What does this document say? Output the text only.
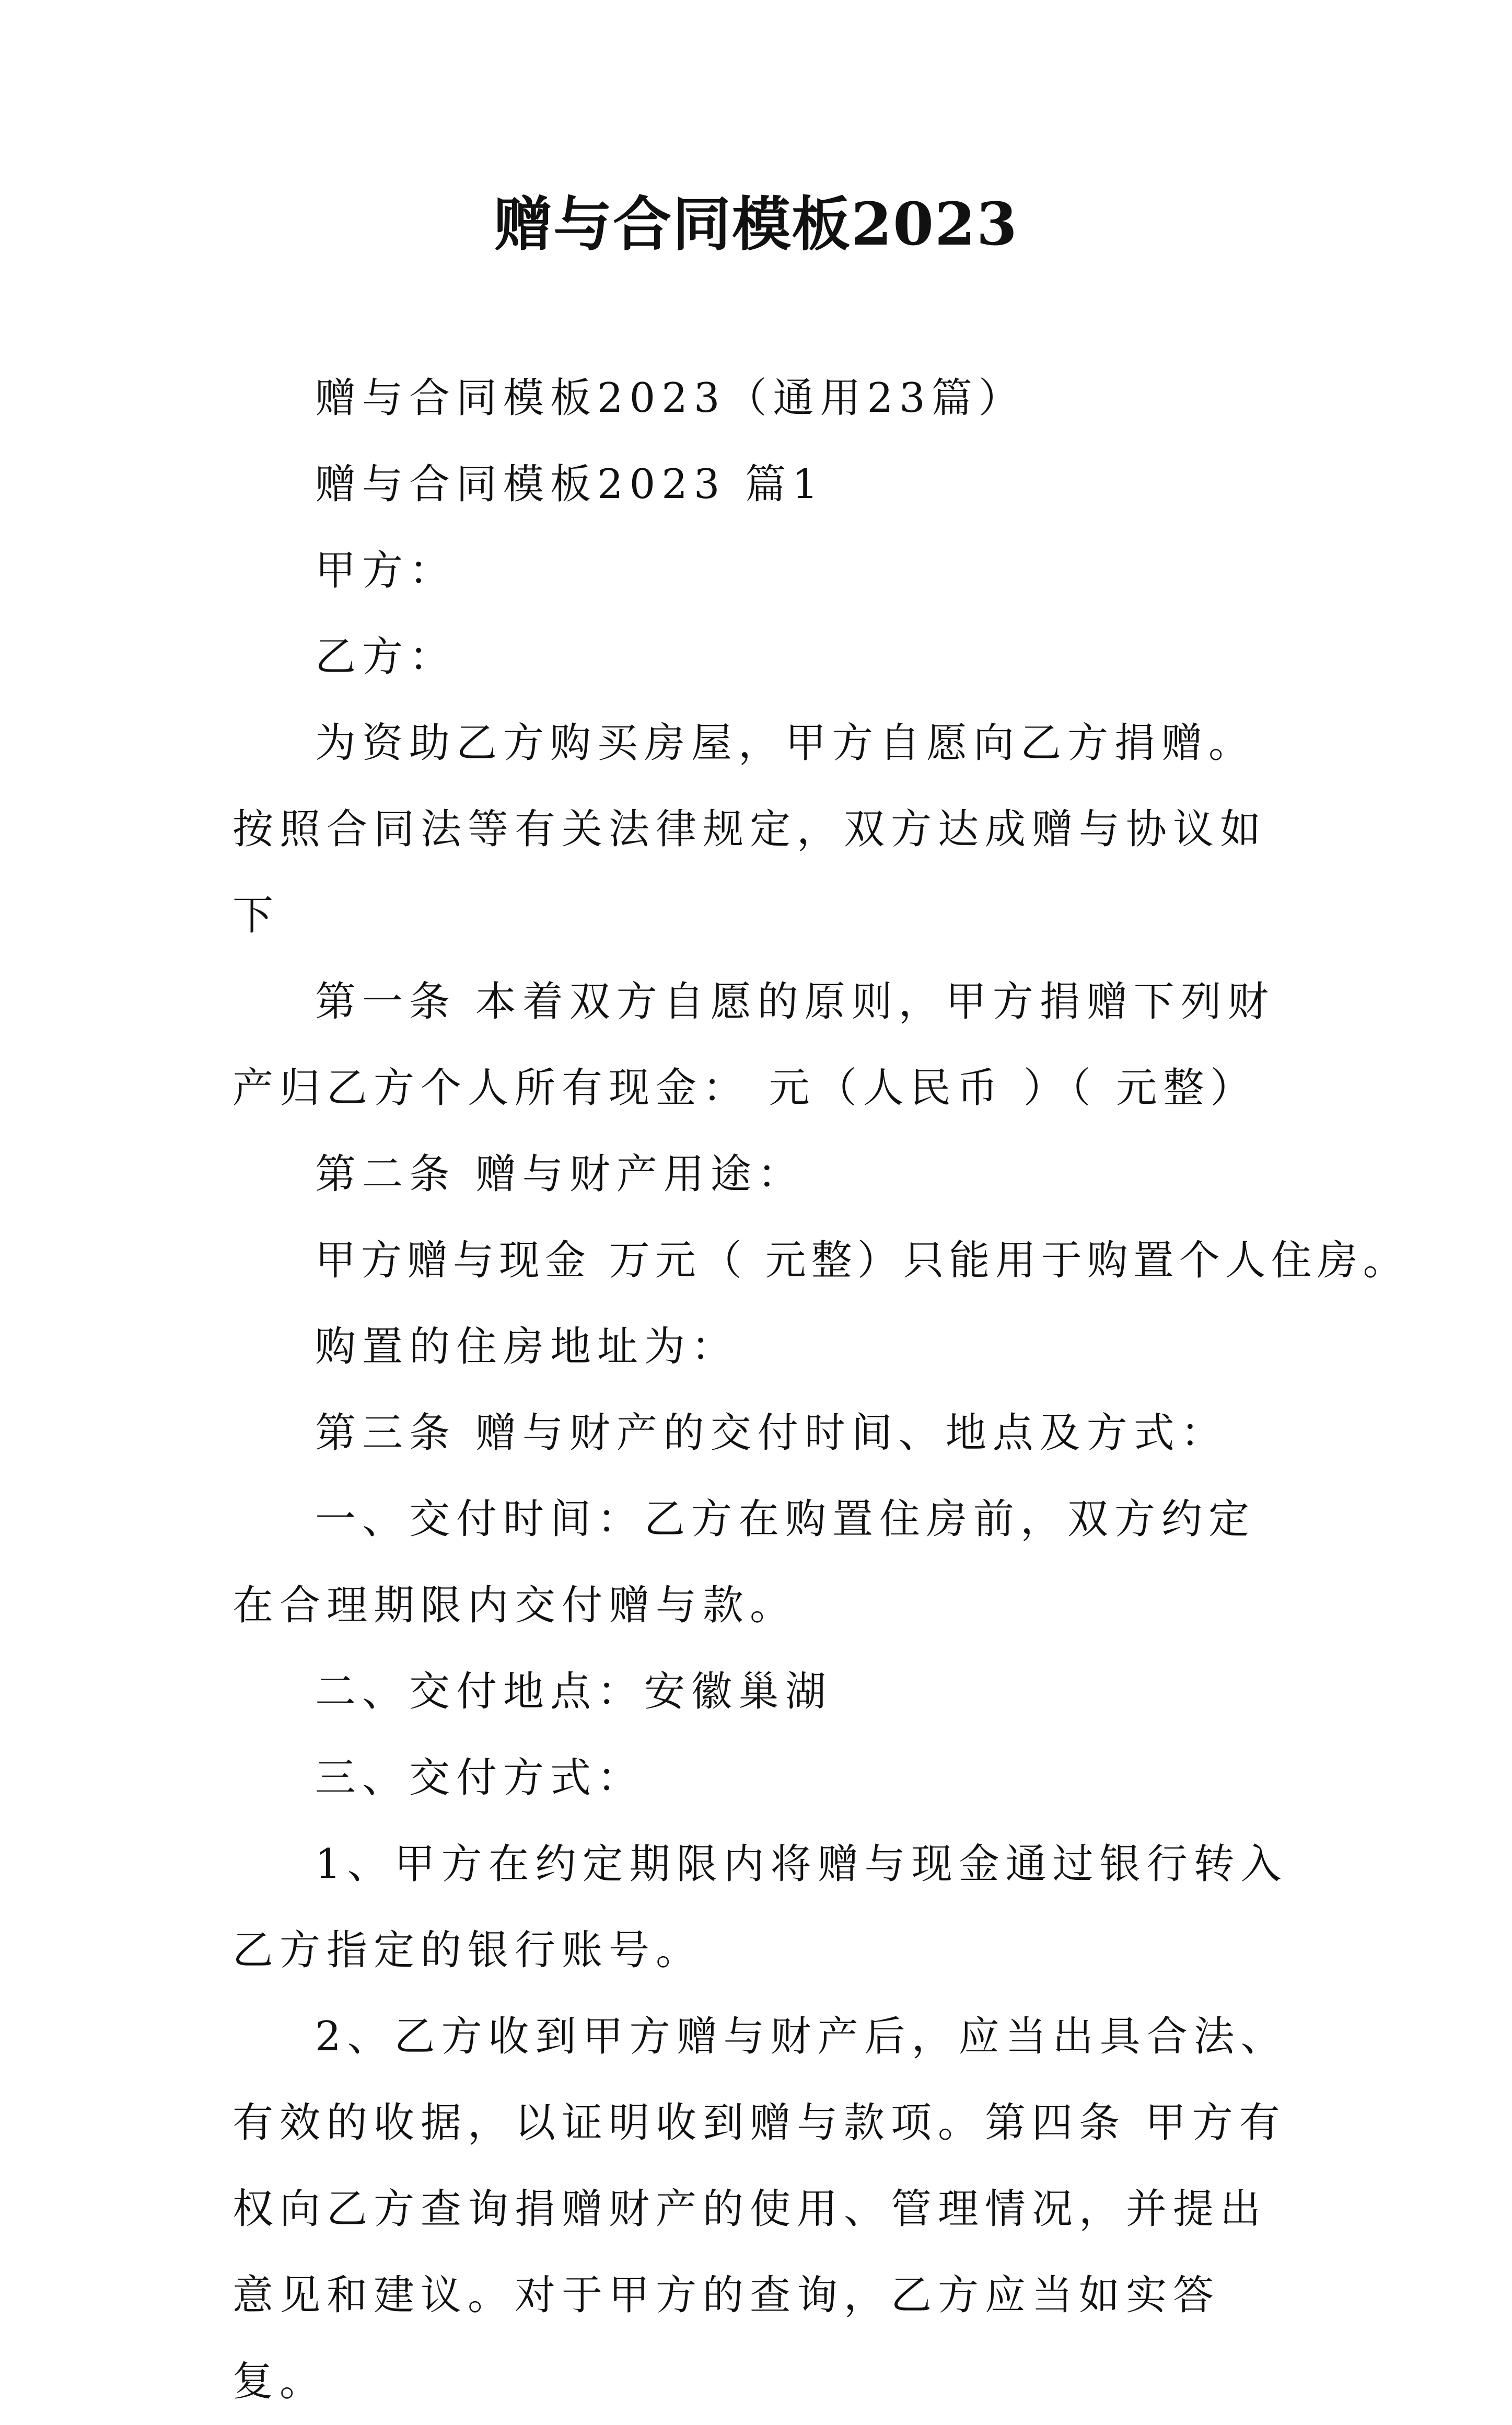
赠与合同模板2023

赠与合同模板2023（通用23篇）

赠与合同模板2023 篇1

甲方：

乙方：

为资助乙方购买房屋，甲方自愿向乙方捐赠。按照合同法等有关法律规定，双方达成赠与协议如下

第一条 本着双方自愿的原则，甲方捐赠下列财产归乙方个人所有现金： 元（人民币 ）（ 元整）

第二条 赠与财产用途：

甲方赠与现金 万元（ 元整）只能用于购置个人住房。

购置的住房地址为：

第三条 赠与财产的交付时间、地点及方式：

一、交付时间：乙方在购置住房前，双方约定在合理期限内交付赠与款。

二、交付地点：安徽巢湖

三、交付方式：

1、甲方在约定期限内将赠与现金通过银行转入乙方指定的银行账号。

2、乙方收到甲方赠与财产后，应当出具合法、有效的收据，以证明收到赠与款项。第四条 甲方有权向乙方查询捐赠财产的使用、管理情况，并提出意见和建议。对于甲方的查询，乙方应当如实答复。
